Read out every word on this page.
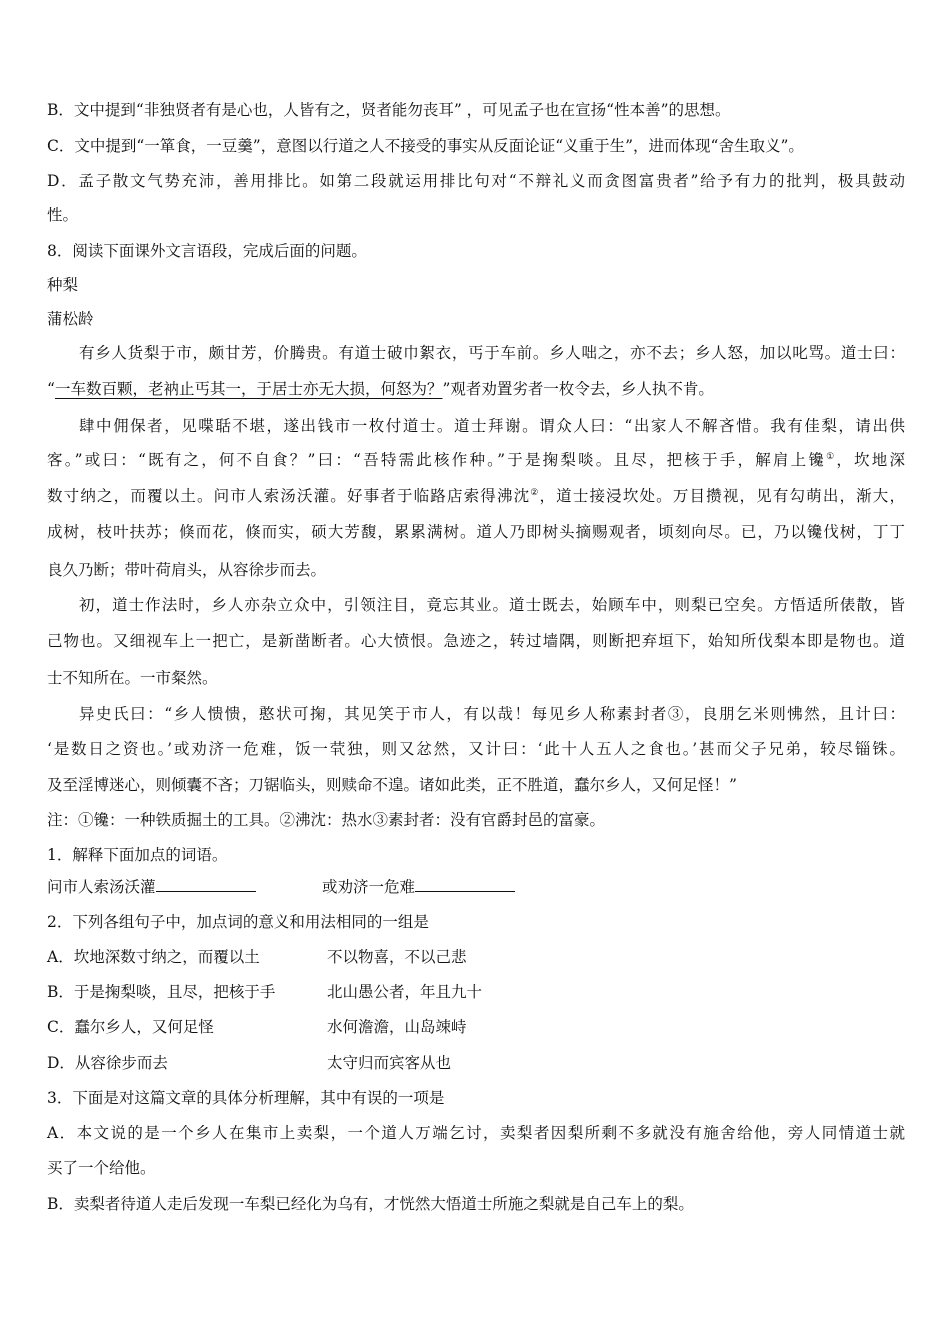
B．文中提到“非独贤者有是心也，人皆有之，贤者能勿丧耳” ，可见孟子也在宣扬“性本善”的思想。
C．文中提到“一箪食，一豆羹”，意图以行道之人不接受的事实从反面论证“义重于生”，进而体现“舍生取义”。
D．孟子散文气势充沛，善用排比。如第二段就运用排比句对“不辩礼义而贪图富贵者”给予有力的批判，极具鼓动
性。
8．阅读下面课外文言语段，完成后面的问题。
种梨
蒲松龄
有乡人货梨于市，颇甘芳，价腾贵。有道士破巾絮衣，丐于车前。乡人咄之，亦不去；乡人怒，加以叱骂。道士曰：
“一车数百颗，老衲止丐其一，于居士亦无大损，何怒为？”观者劝置劣者一枚令去，乡人执不肯。
肆中佣保者，见喋聒不堪，遂出钱市一枚付道士。道士拜谢。谓众人曰：“出家人不解吝惜。我有佳梨，请出供
客。”或曰：“既有之，何不自食？”曰：“吾特需此核作种。”于是掬梨啖。且尽，把核于手，解肩上镵①，坎地深
数寸纳之，而覆以土。问市人索汤沃灌。好事者于临路店索得沸沈②，道士接浸坎处。万目攒视，见有勾萌出，渐大，
成树，枝叶扶苏；倏而花，倏而实，硕大芳馥，累累满树。道人乃即树头摘赐观者，顷刻向尽。已，乃以镵伐树，丁丁
良久乃断；带叶荷肩头，从容徐步而去。
初，道士作法时，乡人亦杂立众中，引领注目，竟忘其业。道士既去，始顾车中，则梨已空矣。方悟适所俵散，皆
己物也。又细视车上一把亡，是新凿断者。心大愤恨。急迹之，转过墙隅，则断把弃垣下，始知所伐梨本即是物也。道
士不知所在。一市粲然。
异史氏曰：“乡人愦愦，憨状可掬，其见笑于市人，有以哉！每见乡人称素封者③，良朋乞米则怫然，且计曰：
‘是数日之资也。’或劝济一危难，饭一茕独，则又忿然，又计曰：‘此十人五人之食也。’甚而父子兄弟，较尽锱铢。
及至淫博迷心，则倾囊不吝；刀锯临头，则赎命不遑。诸如此类，正不胜道，蠢尔乡人，又何足怪！”
注：①镵：一种铁质掘土的工具。②沸沈：热水③素封者：没有官爵封邑的富豪。
1．解释下面加点的词语。
问市人索汤沃灌	或劝济一危难
2．下列各组句子中，加点词的意义和用法相同的一组是
A．坎地深数寸纳之，而覆以土	不以物喜，不以己悲
B．于是掬梨啖，且尽，把核于手	北山愚公者，年且九十
C．蠢尔乡人，又何足怪	水何澹澹，山岛竦峙
D．从容徐步而去	太守归而宾客从也
3．下面是对这篇文章的具体分析理解，其中有误的一项是
A．本文说的是一个乡人在集市上卖梨，一个道人万端乞讨，卖梨者因梨所剩不多就没有施舍给他，旁人同情道士就
买了一个给他。
B．卖梨者待道人走后发现一车梨已经化为乌有，才恍然大悟道士所施之梨就是自己车上的梨。
